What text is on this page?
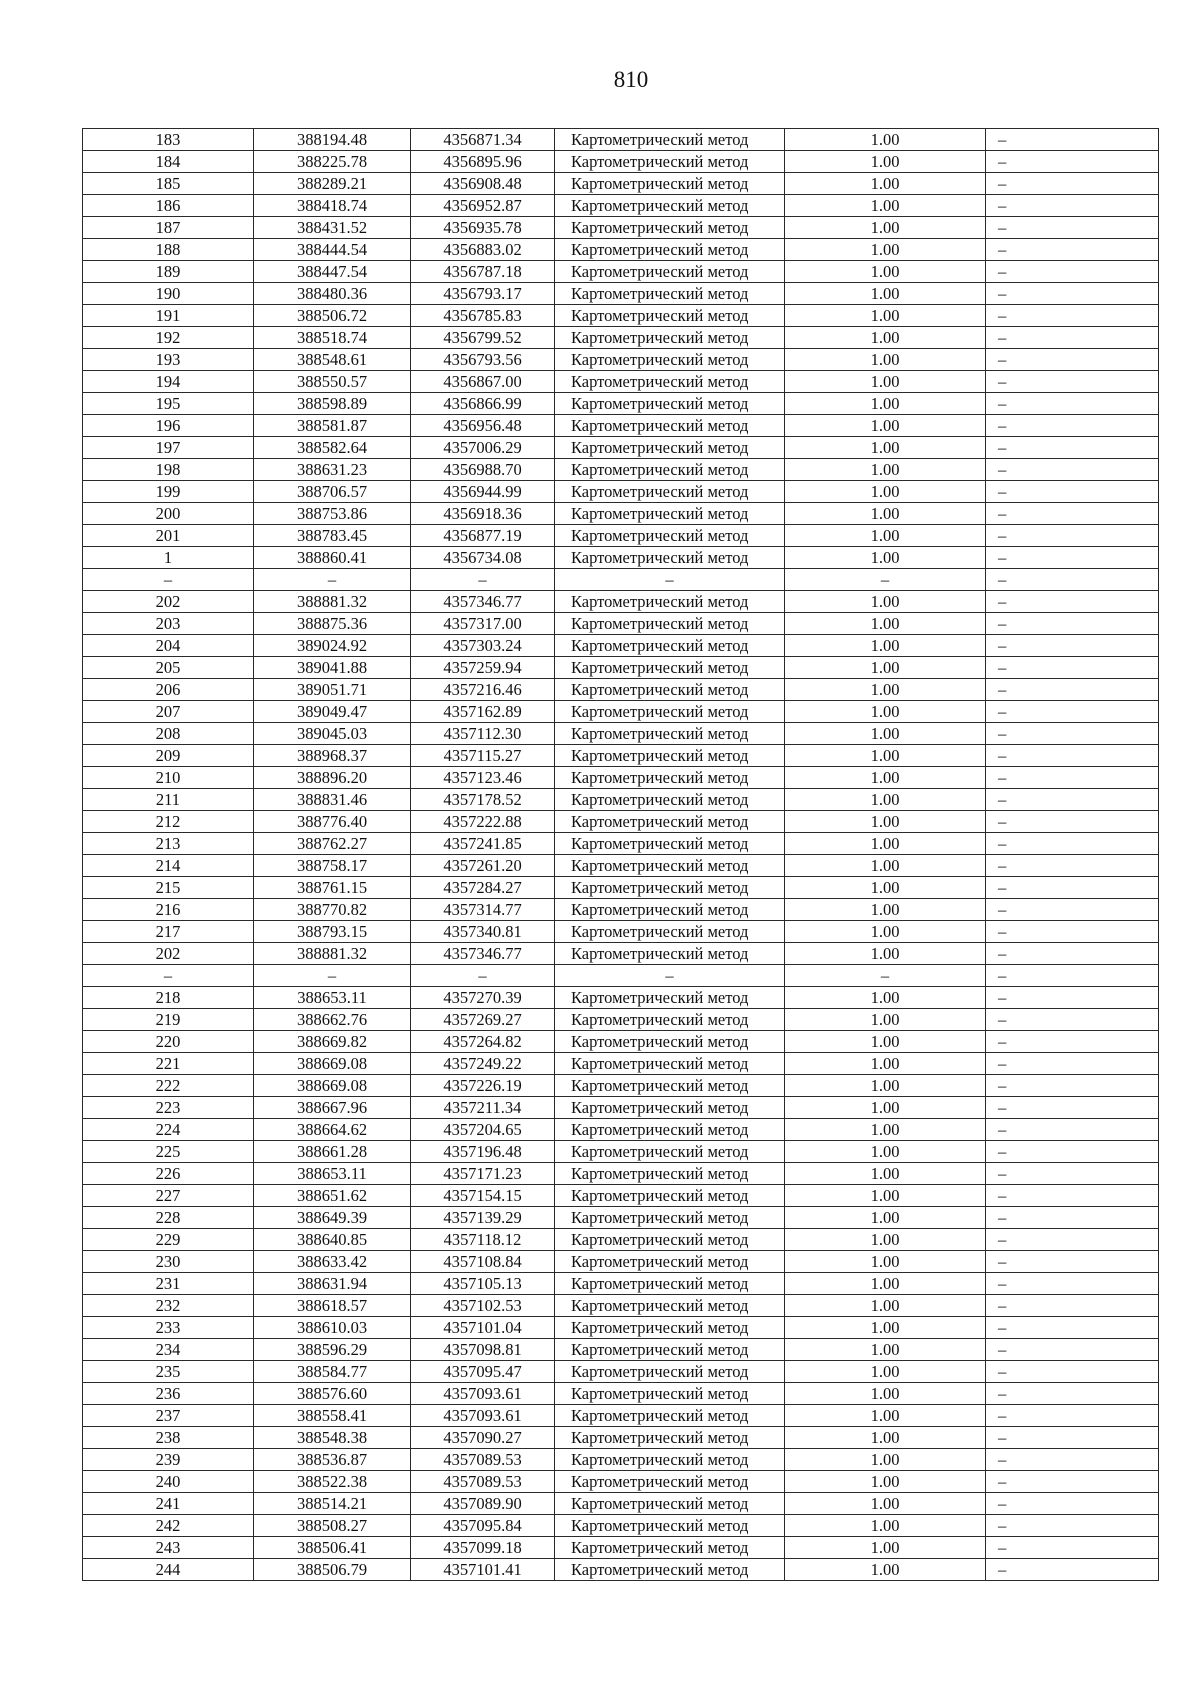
810
183	388194.48	4356871.34	Картометрический метод	1.00	–
184	388225.78	4356895.96	Картометрический метод	1.00	–
185	388289.21	4356908.48	Картометрический метод	1.00	–
186	388418.74	4356952.87	Картометрический метод	1.00	–
187	388431.52	4356935.78	Картометрический метод	1.00	–
188	388444.54	4356883.02	Картометрический метод	1.00	–
189	388447.54	4356787.18	Картометрический метод	1.00	–
190	388480.36	4356793.17	Картометрический метод	1.00	–
191	388506.72	4356785.83	Картометрический метод	1.00	–
192	388518.74	4356799.52	Картометрический метод	1.00	–
193	388548.61	4356793.56	Картометрический метод	1.00	–
194	388550.57	4356867.00	Картометрический метод	1.00	–
195	388598.89	4356866.99	Картометрический метод	1.00	–
196	388581.87	4356956.48	Картометрический метод	1.00	–
197	388582.64	4357006.29	Картометрический метод	1.00	–
198	388631.23	4356988.70	Картометрический метод	1.00	–
199	388706.57	4356944.99	Картометрический метод	1.00	–
200	388753.86	4356918.36	Картометрический метод	1.00	–
201	388783.45	4356877.19	Картометрический метод	1.00	–
1	388860.41	4356734.08	Картометрический метод	1.00	–
–	–	–	–	–	–
202	388881.32	4357346.77	Картометрический метод	1.00	–
203	388875.36	4357317.00	Картометрический метод	1.00	–
204	389024.92	4357303.24	Картометрический метод	1.00	–
205	389041.88	4357259.94	Картометрический метод	1.00	–
206	389051.71	4357216.46	Картометрический метод	1.00	–
207	389049.47	4357162.89	Картометрический метод	1.00	–
208	389045.03	4357112.30	Картометрический метод	1.00	–
209	388968.37	4357115.27	Картометрический метод	1.00	–
210	388896.20	4357123.46	Картометрический метод	1.00	–
211	388831.46	4357178.52	Картометрический метод	1.00	–
212	388776.40	4357222.88	Картометрический метод	1.00	–
213	388762.27	4357241.85	Картометрический метод	1.00	–
214	388758.17	4357261.20	Картометрический метод	1.00	–
215	388761.15	4357284.27	Картометрический метод	1.00	–
216	388770.82	4357314.77	Картометрический метод	1.00	–
217	388793.15	4357340.81	Картометрический метод	1.00	–
202	388881.32	4357346.77	Картометрический метод	1.00	–
–	–	–	–	–	–
218	388653.11	4357270.39	Картометрический метод	1.00	–
219	388662.76	4357269.27	Картометрический метод	1.00	–
220	388669.82	4357264.82	Картометрический метод	1.00	–
221	388669.08	4357249.22	Картометрический метод	1.00	–
222	388669.08	4357226.19	Картометрический метод	1.00	–
223	388667.96	4357211.34	Картометрический метод	1.00	–
224	388664.62	4357204.65	Картометрический метод	1.00	–
225	388661.28	4357196.48	Картометрический метод	1.00	–
226	388653.11	4357171.23	Картометрический метод	1.00	–
227	388651.62	4357154.15	Картометрический метод	1.00	–
228	388649.39	4357139.29	Картометрический метод	1.00	–
229	388640.85	4357118.12	Картометрический метод	1.00	–
230	388633.42	4357108.84	Картометрический метод	1.00	–
231	388631.94	4357105.13	Картометрический метод	1.00	–
232	388618.57	4357102.53	Картометрический метод	1.00	–
233	388610.03	4357101.04	Картометрический метод	1.00	–
234	388596.29	4357098.81	Картометрический метод	1.00	–
235	388584.77	4357095.47	Картометрический метод	1.00	–
236	388576.60	4357093.61	Картометрический метод	1.00	–
237	388558.41	4357093.61	Картометрический метод	1.00	–
238	388548.38	4357090.27	Картометрический метод	1.00	–
239	388536.87	4357089.53	Картометрический метод	1.00	–
240	388522.38	4357089.53	Картометрический метод	1.00	–
241	388514.21	4357089.90	Картометрический метод	1.00	–
242	388508.27	4357095.84	Картометрический метод	1.00	–
243	388506.41	4357099.18	Картометрический метод	1.00	–
244	388506.79	4357101.41	Картометрический метод	1.00	–
